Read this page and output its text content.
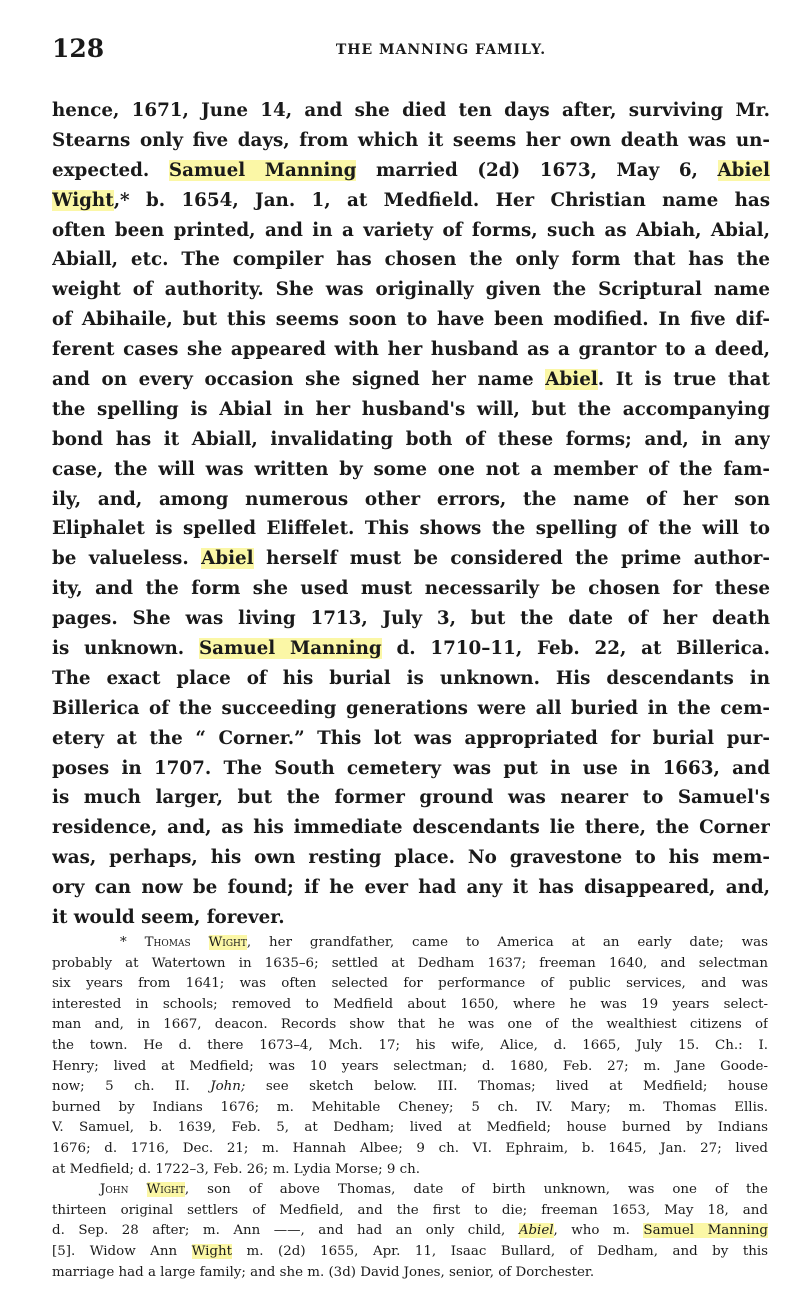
128	THE MANNING FAMILY.
hence, 1671, June 14, and she died ten days after, surviving Mr.
Stearns only five days, from which it seems her own death was un-
expected. Samuel Manning married (2d) 1673, May 6, Abiel
Wight,* b. 1654, Jan. 1, at Medfield. Her Christian name has
often been printed, and in a variety of forms, such as Abiah, Abial,
Abiall, etc. The compiler has chosen the only form that has the
weight of authority. She was originally given the Scriptural name
of Abihaile, but this seems soon to have been modified. In five dif-
ferent cases she appeared with her husband as a grantor to a deed,
and on every occasion she signed her name Abiel. It is true that
the spelling is Abial in her husband's will, but the accompanying
bond has it Abiall, invalidating both of these forms; and, in any
case, the will was written by some one not a member of the fam-
ily, and, among numerous other errors, the name of her son
Eliphalet is spelled Eliffelet. This shows the spelling of the will to
be valueless. Abiel herself must be considered the prime author-
ity, and the form she used must necessarily be chosen for these
pages. She was living 1713, July 3, but the date of her death
is unknown. Samuel Manning d. 1710–11, Feb. 22, at Billerica.
The exact place of his burial is unknown. His descendants in
Billerica of the succeeding generations were all buried in the cem-
etery at the “ Corner.” This lot was appropriated for burial pur-
poses in 1707. The South cemetery was put in use in 1663, and
is much larger, but the former ground was nearer to Samuel's
residence, and, as his immediate descendants lie there, the Corner
was, perhaps, his own resting place. No gravestone to his mem-
ory can now be found; if he ever had any it has disappeared, and,
it would seem, forever.
* Thomas Wight, her grandfather, came to America at an early date; was
probably at Watertown in 1635–6; settled at Dedham 1637; freeman 1640, and selectman
six years from 1641; was often selected for performance of public services, and was
interested in schools; removed to Medfield about 1650, where he was 19 years select-
man and, in 1667, deacon. Records show that he was one of the wealthiest citizens of
the town. He d. there 1673–4, Mch. 17; his wife, Alice, d. 1665, July 15. Ch.: I.
Henry; lived at Medfield; was 10 years selectman; d. 1680, Feb. 27; m. Jane Goode-
now; 5 ch. II. John; see sketch below. III. Thomas; lived at Medfield; house
burned by Indians 1676; m. Mehitable Cheney; 5 ch. IV. Mary; m. Thomas Ellis.
V. Samuel, b. 1639, Feb. 5, at Dedham; lived at Medfield; house burned by Indians
1676; d. 1716, Dec. 21; m. Hannah Albee; 9 ch. VI. Ephraim, b. 1645, Jan. 27; lived
at Medfield; d. 1722–3, Feb. 26; m. Lydia Morse; 9 ch.
John Wight, son of above Thomas, date of birth unknown, was one of the
thirteen original settlers of Medfield, and the first to die; freeman 1653, May 18, and
d. Sep. 28 after; m. Ann ——, and had an only child, Abiel, who m. Samuel Manning
[5]. Widow Ann Wight m. (2d) 1655, Apr. 11, Isaac Bullard, of Dedham, and by this
marriage had a large family; and she m. (3d) David Jones, senior, of Dorchester.
